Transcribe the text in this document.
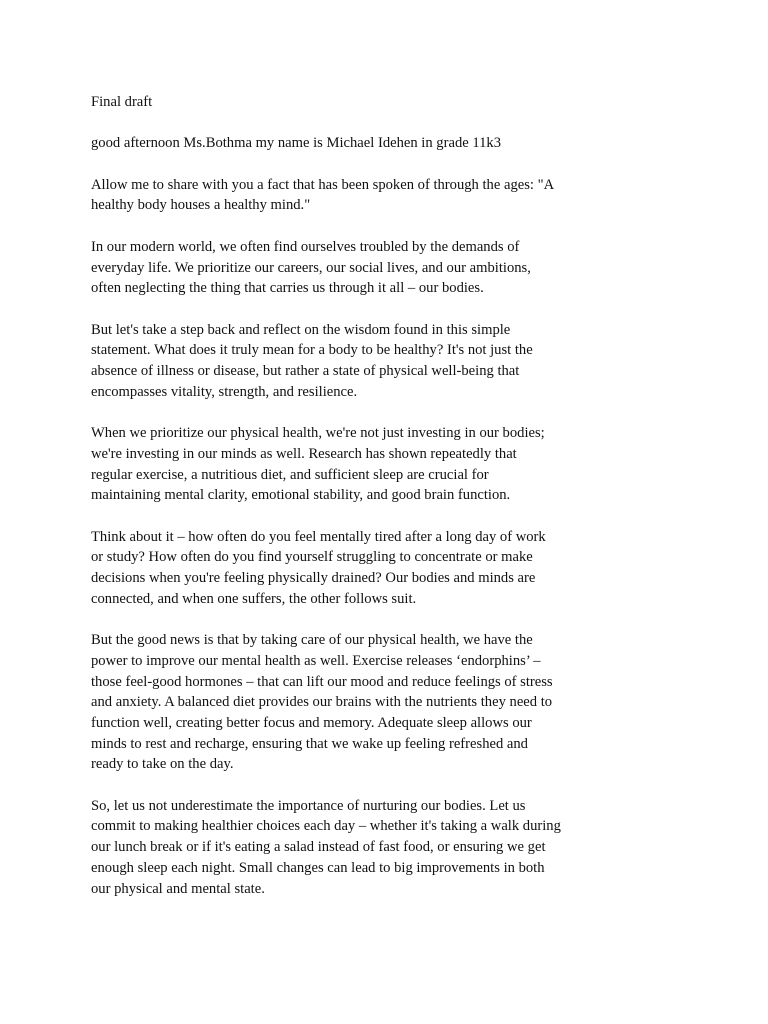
Final draft

good afternoon Ms.Bothma my name is Michael Idehen in grade 11k3

Allow me to share with you a fact that has been spoken of through the ages: "A healthy body houses a healthy mind."

In our modern world, we often find ourselves troubled by the demands of everyday life. We prioritize our careers, our social lives, and our ambitions, often neglecting the thing that carries us through it all – our bodies.

But let's take a step back and reflect on the wisdom found in this simple statement. What does it truly mean for a body to be healthy? It's not just the absence of illness or disease, but rather a state of physical well-being that encompasses vitality, strength, and resilience.

When we prioritize our physical health, we're not just investing in our bodies; we're investing in our minds as well. Research has shown repeatedly that regular exercise, a nutritious diet, and sufficient sleep are crucial for maintaining mental clarity, emotional stability, and good brain function.

Think about it – how often do you feel mentally tired after a long day of work or study? How often do you find yourself struggling to concentrate or make decisions when you're feeling physically drained? Our bodies and minds are connected, and when one suffers, the other follows suit.

But the good news is that by taking care of our physical health, we have the power to improve our mental health as well. Exercise releases ‘endorphins’ – those feel-good hormones – that can lift our mood and reduce feelings of stress and anxiety. A balanced diet provides our brains with the nutrients they need to function well, creating better focus and memory. Adequate sleep allows our minds to rest and recharge, ensuring that we wake up feeling refreshed and ready to take on the day.

So, let us not underestimate the importance of nurturing our bodies. Let us commit to making healthier choices each day – whether it's taking a walk during our lunch break or if it's eating a salad instead of fast food, or ensuring we get enough sleep each night. Small changes can lead to big improvements in both our physical and mental state.
